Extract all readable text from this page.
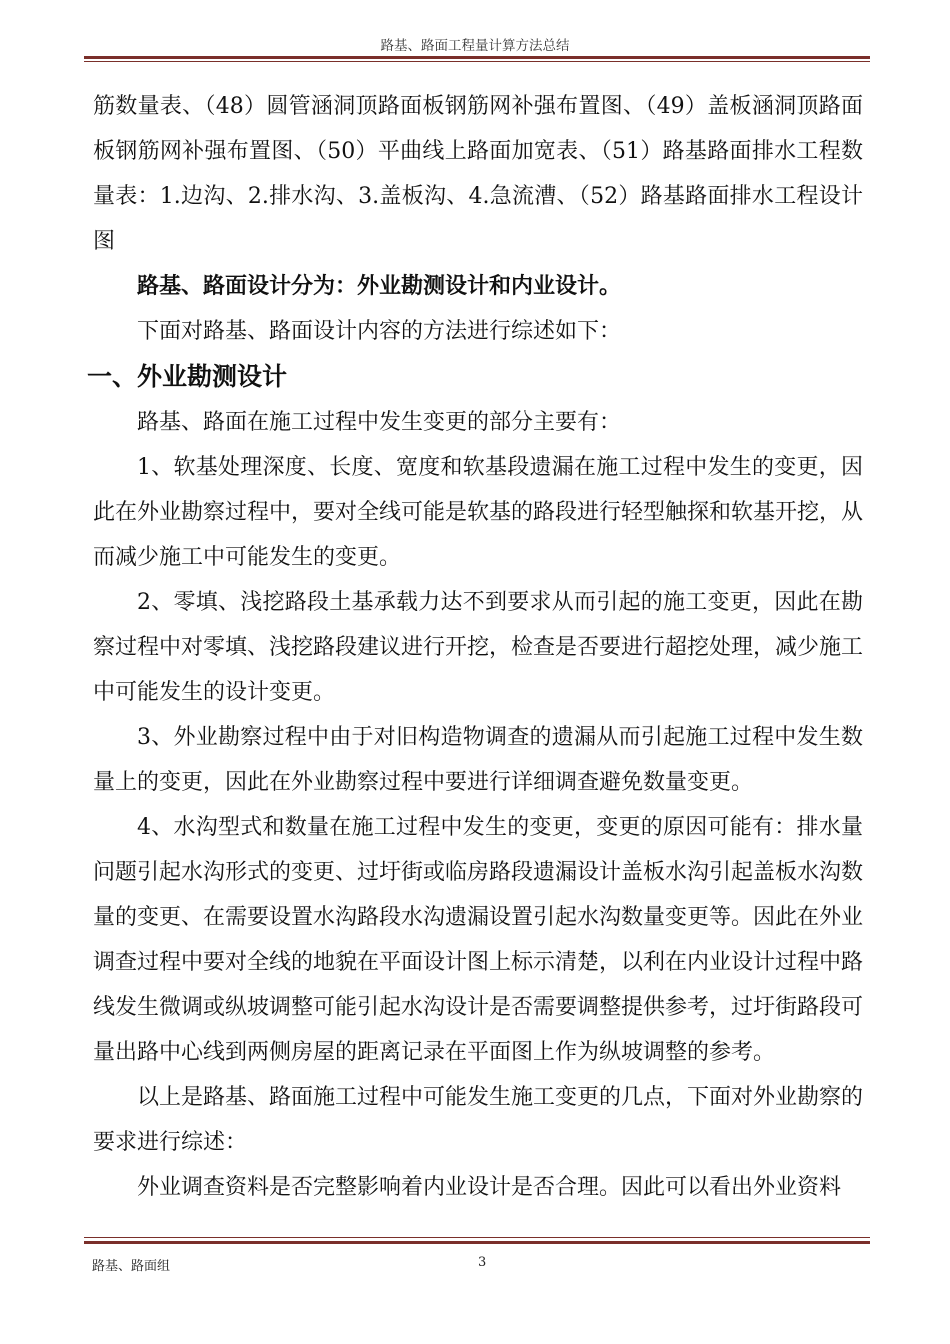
路基、路面工程量计算方法总结

筋数量表、（48）圆管涵洞顶路面板钢筋网补强布置图、（49）盖板涵洞顶路面板钢筋网补强布置图、（50）平曲线上路面加宽表、（51）路基路面排水工程数量表：1.边沟、2.排水沟、3.盖板沟、4.急流漕、（52）路基路面排水工程设计图

路基、路面设计分为：外业勘测设计和内业设计。

下面对路基、路面设计内容的方法进行综述如下：

一、外业勘测设计

路基、路面在施工过程中发生变更的部分主要有：

1、软基处理深度、长度、宽度和软基段遗漏在施工过程中发生的变更，因此在外业勘察过程中，要对全线可能是软基的路段进行轻型触探和软基开挖，从而减少施工中可能发生的变更。

2、零填、浅挖路段土基承载力达不到要求从而引起的施工变更，因此在勘察过程中对零填、浅挖路段建议进行开挖，检查是否要进行超挖处理，减少施工中可能发生的设计变更。

3、外业勘察过程中由于对旧构造物调查的遗漏从而引起施工过程中发生数量上的变更，因此在外业勘察过程中要进行详细调查避免数量变更。

4、水沟型式和数量在施工过程中发生的变更，变更的原因可能有：排水量问题引起水沟形式的变更、过圩街或临房路段遗漏设计盖板水沟引起盖板水沟数量的变更、在需要设置水沟路段水沟遗漏设置引起水沟数量变更等。因此在外业调查过程中要对全线的地貌在平面设计图上标示清楚，以利在内业设计过程中路线发生微调或纵坡调整可能引起水沟设计是否需要调整提供参考，过圩街路段可量出路中心线到两侧房屋的距离记录在平面图上作为纵坡调整的参考。

以上是路基、路面施工过程中可能发生施工变更的几点，下面对外业勘察的要求进行综述：

外业调查资料是否完整影响着内业设计是否合理。因此可以看出外业资料

路基、路面组	3
